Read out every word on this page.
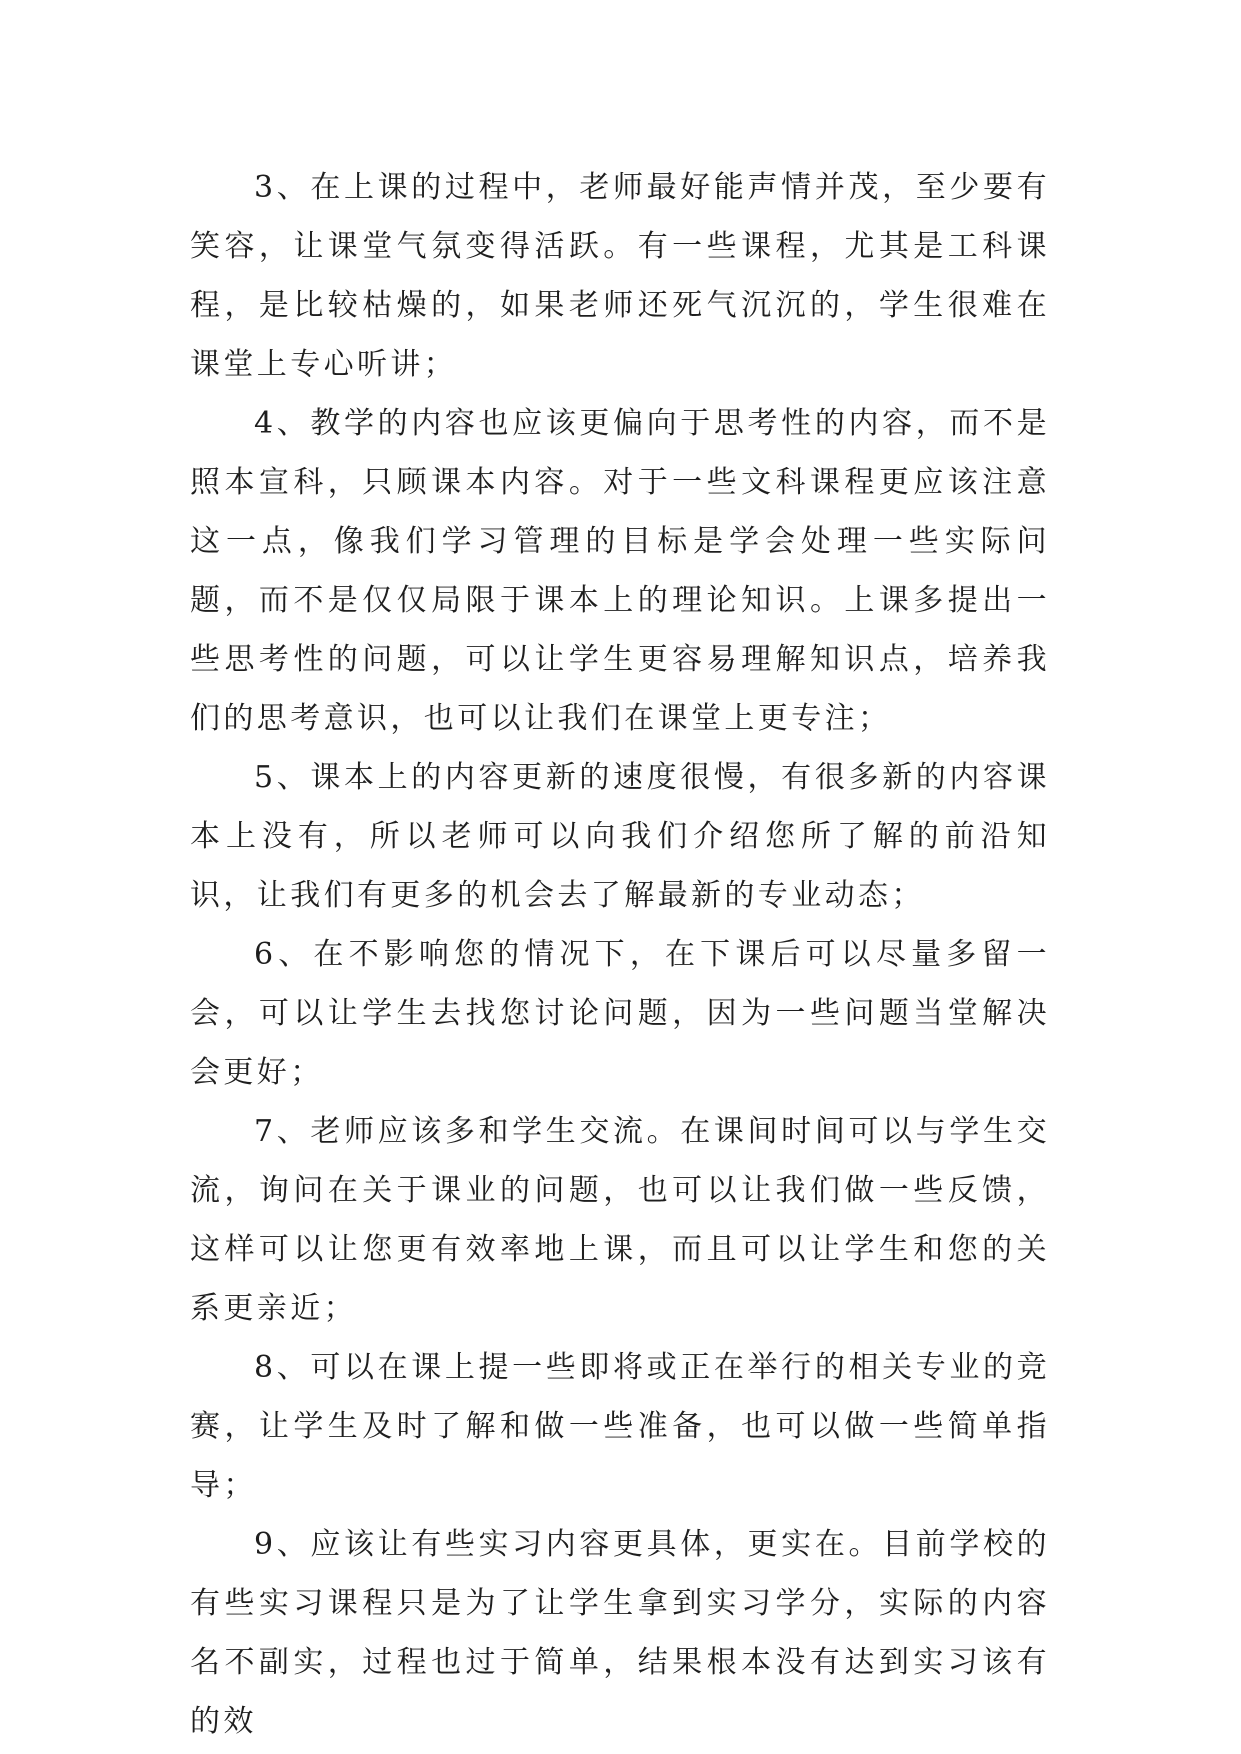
3、在上课的过程中，老师最好能声情并茂，至少要有笑容，让课堂气氛变得活跃。有一些课程，尤其是工科课程，是比较枯燥的，如果老师还死气沉沉的，学生很难在课堂上专心听讲；

4、教学的内容也应该更偏向于思考性的内容，而不是照本宣科，只顾课本内容。对于一些文科课程更应该注意这一点，像我们学习管理的目标是学会处理一些实际问题，而不是仅仅局限于课本上的理论知识。上课多提出一些思考性的问题，可以让学生更容易理解知识点，培养我们的思考意识，也可以让我们在课堂上更专注；

5、课本上的内容更新的速度很慢，有很多新的内容课本上没有，所以老师可以向我们介绍您所了解的前沿知识，让我们有更多的机会去了解最新的专业动态；

6、在不影响您的情况下，在下课后可以尽量多留一会，可以让学生去找您讨论问题，因为一些问题当堂解决会更好；

7、老师应该多和学生交流。在课间时间可以与学生交流，询问在关于课业的问题，也可以让我们做一些反馈，这样可以让您更有效率地上课，而且可以让学生和您的关系更亲近；

8、可以在课上提一些即将或正在举行的相关专业的竞赛，让学生及时了解和做一些准备，也可以做一些简单指导；

9、应该让有些实习内容更具体，更实在。目前学校的有些实习课程只是为了让学生拿到实习学分，实际的内容名不副实，过程也过于简单，结果根本没有达到实习该有的效
